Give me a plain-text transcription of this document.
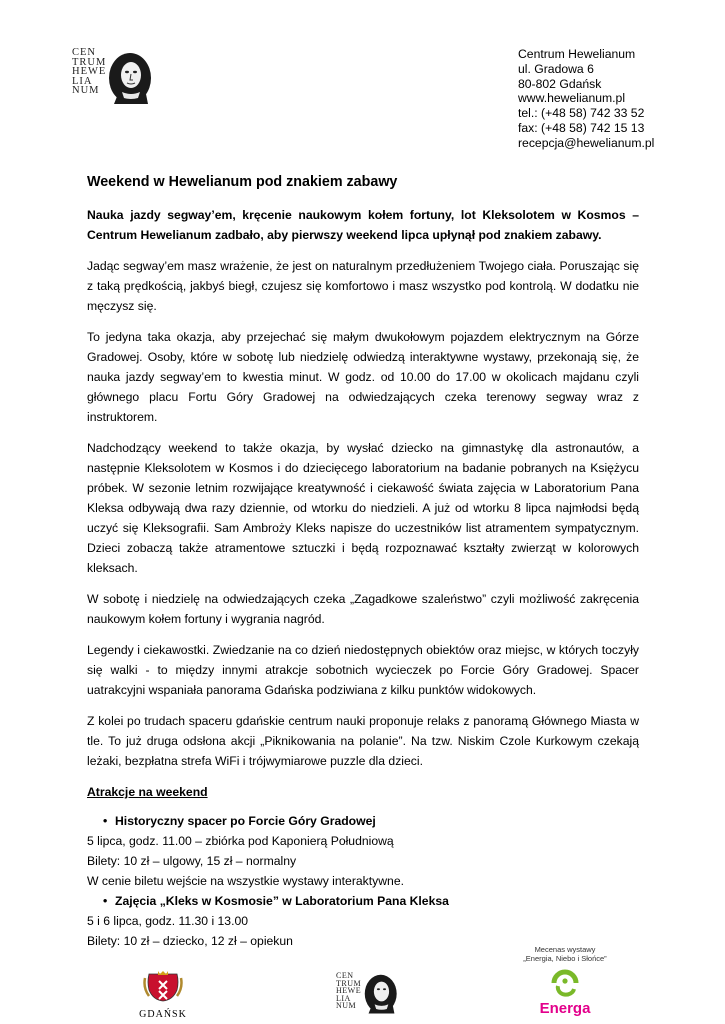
CEN
TRUM
HEWE
LIA
NUM
Centrum Hewelianum
ul. Gradowa 6
80-802 Gdańsk
www.hewelianum.pl
tel.: (+48 58) 742 33 52
fax: (+48 58) 742 15 13
recepcja@hewelianum.pl
Weekend w Hewelianum pod znakiem zabawy

Nauka jazdy segway’em, kręcenie naukowym kołem fortuny, lot Kleksolotem w Kosmos – Centrum Hewelianum zadbało, aby pierwszy weekend lipca upłynął pod znakiem zabawy.

Jadąc segway’em masz wrażenie, że jest on naturalnym przedłużeniem Twojego ciała. Poruszając się z taką prędkością, jakbyś biegł, czujesz się komfortowo i masz wszystko pod kontrolą. W dodatku nie męczysz się.

To jedyna taka okazja, aby przejechać się małym dwukołowym pojazdem elektrycznym na Górze Gradowej. Osoby, które w sobotę lub niedzielę odwiedzą interaktywne wystawy, przekonają się, że nauka jazdy segway’em to kwestia minut. W godz. od 10.00 do 17.00 w okolicach majdanu czyli głównego placu Fortu Góry Gradowej na odwiedzających czeka terenowy segway wraz z instruktorem.

Nadchodzący weekend to także okazja, by wysłać dziecko na gimnastykę dla astronautów, a następnie Kleksolotem w Kosmos i do dziecięcego laboratorium na badanie pobranych na Księżycu próbek. W sezonie letnim rozwijające kreatywność i ciekawość świata zajęcia w Laboratorium Pana Kleksa odbywają dwa razy dziennie, od wtorku do niedzieli. A już od wtorku 8 lipca najmłodsi będą uczyć się Kleksografii. Sam Ambroży Kleks napisze do uczestników list atramentem sympatycznym. Dzieci zobaczą także atramentowe sztuczki i będą rozpoznawać kształty zwierząt w kolorowych kleksach.

W sobotę i niedzielę na odwiedzających czeka „Zagadkowe szaleństwo” czyli możliwość zakręcenia naukowym kołem fortuny i wygrania nagród.

Legendy i ciekawostki. Zwiedzanie na co dzień niedostępnych obiektów oraz miejsc, w których toczyły się walki - to między innymi atrakcje sobotnich wycieczek po Forcie Góry Gradowej. Spacer uatrakcyjni wspaniała panorama Gdańska podziwiana z kilku punktów widokowych.

Z kolei po trudach spaceru gdańskie centrum nauki proponuje relaks z panoramą Głównego Miasta w tle. To już druga odsłona akcji „Piknikowania na polanie”. Na tzw. Niskim Czole Kurkowym czekają leżaki, bezpłatna strefa WiFi i trójwymiarowe puzzle dla dzieci.

Atrakcje na weekend
• Historyczny spacer po Forcie Góry Gradowej
5 lipca, godz. 11.00 – zbiórka pod Kaponierą Południową
Bilety: 10 zł – ulgowy, 15 zł – normalny
W cenie biletu wejście na wszystkie wystawy interaktywne.
• Zajęcia „Kleks w Kosmosie” w Laboratorium Pana Kleksa
5 i 6 lipca, godz. 11.30 i 13.00
Bilety: 10 zł – dziecko, 12 zł – opiekun
GDAŃSK
CEN
TRUM
HEWE
LIA
NUM
Mecenas wystawy
„Energia, Niebo i Słońce”
Energa
